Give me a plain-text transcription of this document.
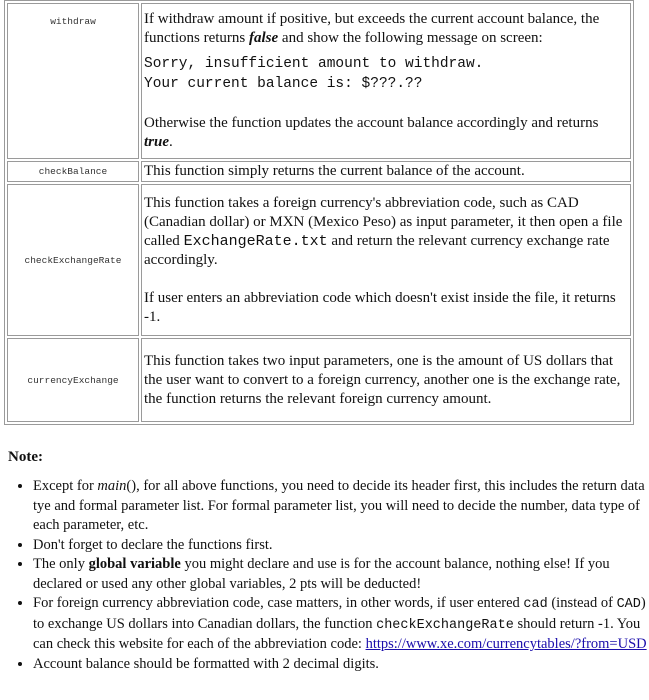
withdraw	If withdraw amount if positive, but exceeds the current account balance, the functions returns false and show the following message on screen:

Sorry, insufficient amount to withdraw.
Your current balance is: $???.??

Otherwise the function updates the account balance accordingly and returns true.

checkBalance	This function simply returns the current balance of the account.
checkExchangeRate	This function takes a foreign currency's abbreviation code, such as CAD (Canadian dollar) or MXN (Mexico Peso) as input parameter, it then open a file called ExchangeRate.txt and return the relevant currency exchange rate accordingly.

If user enters an abbreviation code which doesn't exist inside the file, it returns -1.

currencyExchange	This function takes two input parameters, one is the amount of US dollars that the user want to convert to a foreign currency, another one is the exchange rate, the function returns the relevant foreign currency amount.
Note:
• Except for main(), for all above functions, you need to decide its header first, this includes the return data tye and formal parameter list. For formal parameter list, you will need to decide the number, data type of each parameter, etc.
• Don't forget to declare the functions first.
• The only global variable you might declare and use is for the account balance, nothing else! If you declared or used any other global variables, 2 pts will be deducted!
• For foreign currency abbreviation code, case matters, in other words, if user entered cad (instead of CAD) to exchange US dollars into Canadian dollars, the function checkExchangeRate should return -1. You can check this website for each of the abbreviation code: https://www.xe.com/currencytables/?from=USD
• Account balance should be formatted with 2 decimal digits.
